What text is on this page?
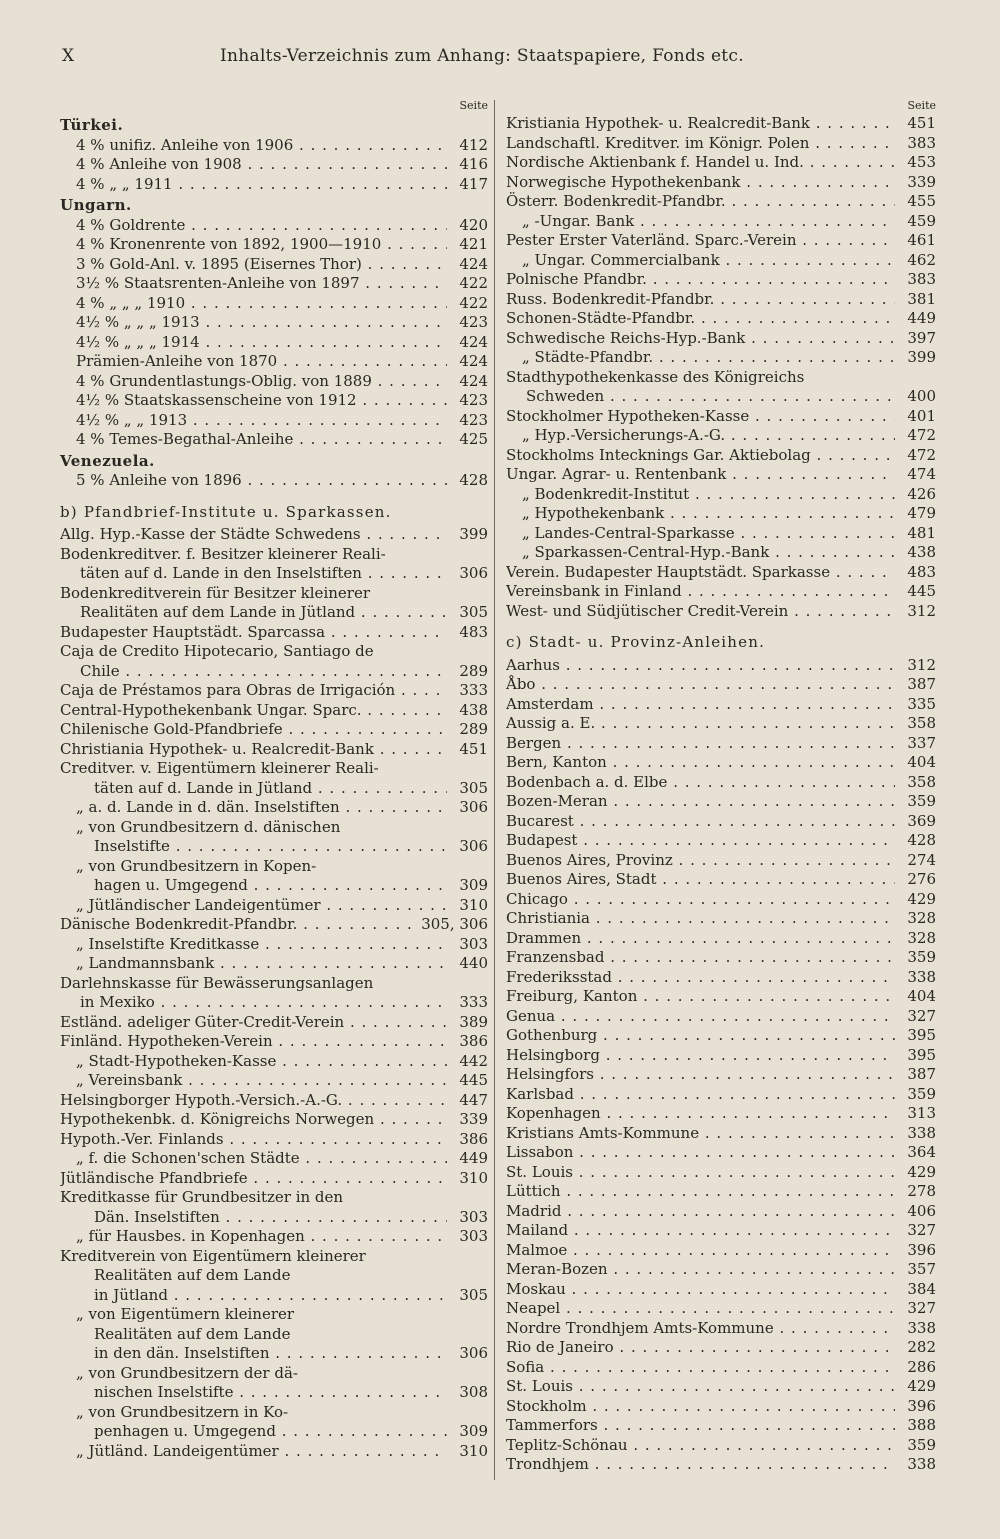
X	Inhalts-Verzeichnis zum Anhang: Staatspapiere, Fonds etc.
Seite
Türkei.
4 % unifiz. Anleihe von 1906 . . .	412
4 % Anleihe von 1908 . . .	416
4 % „ „ 1911 . . .	417
Ungarn.
4 % Goldrente . . .	420
4 % Kronenrente von 1892, 1900—1910 . . .	421
3 % Gold-Anl. v. 1895 (Eisernes Thor) . . .	424
3½ % Staatsrenten-Anleihe von 1897 . . .	422
4 % „ „ „ 1910 . . .	422
4½ % „ „ „ 1913 . . .	423
4½ % „ „ „ 1914 . . .	424
Prämien-Anleihe von 1870 . . .	424
4 % Grundentlastungs-Oblig. von 1889 . . .	424
4½ % Staatskassenscheine von 1912 . . .	423
4½ % „ „ 1913 . . .	423
4 % Temes-Begathal-Anleihe . . .	425
Venezuela.
5 % Anleihe von 1896 . . .	428
b) Pfandbrief-Institute u. Sparkassen.
Allg. Hyp.-Kasse der Städte Schwedens . . .	399
Bodenkreditver. f. Besitzer kleinerer Reali-
täten auf d. Lande in den Inselstiften . . .	306
Bodenkreditverein für Besitzer kleinerer
Realitäten auf dem Lande in Jütland . . .	305
Budapester Hauptstädt. Sparcassa . . .	483
Caja de Credito Hipotecario, Santiago de
Chile . . .	289
Caja de Préstamos para Obras de Irrigación . . .	333
Central-Hypothekenbank Ungar. Sparc. . . .	438
Chilenische Gold-Pfandbriefe . . .	289
Christiania Hypothek- u. Realcredit-Bank . . .	451
Creditver. v. Eigentümern kleinerer Reali-
täten auf d. Lande in Jütland . . .	305
„ a. d. Lande in d. dän. Inselstiften . . .	306
„ von Grundbesitzern d. dänischen
Inselstifte . . .	306
„ von Grundbesitzern in Kopen-
hagen u. Umgegend . . .	309
„ Jütländischer Landeigentümer . . .	310
Dänische Bodenkredit-Pfandbr. . . .	305, 306
„ Inselstifte Kreditkasse . . .	303
„ Landmannsbank . . .	440
Darlehnskasse für Bewässerungsanlagen
in Mexiko . . .	333
Estländ. adeliger Güter-Credit-Verein . . .	389
Finländ. Hypotheken-Verein . . .	386
„ Stadt-Hypotheken-Kasse . . .	442
„ Vereinsbank . . .	445
Helsingborger Hypoth.-Versich.-A.-G. . . .	447
Hypothekenbk. d. Königreichs Norwegen . . .	339
Hypoth.-Ver. Finlands . . .	386
„ f. die Schonen'schen Städte . . .	449
Jütländische Pfandbriefe . . .	310
Kreditkasse für Grundbesitzer in den
Dän. Inselstiften . . .	303
„ für Hausbes. in Kopenhagen . . .	303
Kreditverein von Eigentümern kleinerer
Realitäten auf dem Lande
in Jütland . . .	305
„ von Eigentümern kleinerer
Realitäten auf dem Lande
in den dän. Inselstiften . . .	306
„ von Grundbesitzern der dä-
nischen Inselstifte . . .	308
„ von Grundbesitzern in Ko-
penhagen u. Umgegend . . .	309
„ Jütländ. Landeigentümer . . .	310
Seite
Kristiania Hypothek- u. Realcredit-Bank . . .	451
Landschaftl. Kreditver. im Königr. Polen . . .	383
Nordische Aktienbank f. Handel u. Ind. . . .	453
Norwegische Hypothekenbank . . .	339
Österr. Bodenkredit-Pfandbr. . . .	455
„ -Ungar. Bank . . .	459
Pester Erster Vaterländ. Sparc.-Verein . . .	461
„ Ungar. Commercialbank . . .	462
Polnische Pfandbr. . . .	383
Russ. Bodenkredit-Pfandbr. . . .	381
Schonen-Städte-Pfandbr. . . .	449
Schwedische Reichs-Hyp.-Bank . . .	397
„ Städte-Pfandbr. . . .	399
Stadthypothekenkasse des Königreichs
Schweden . . .	400
Stockholmer Hypotheken-Kasse . . .	401
„ Hyp.-Versicherungs-A.-G. . . .	472
Stockholms Intecknings Gar. Aktiebolag . . .	472
Ungar. Agrar- u. Rentenbank . . .	474
„ Bodenkredit-Institut . . .	426
„ Hypothekenbank . . .	479
„ Landes-Central-Sparkasse . . .	481
„ Sparkassen-Central-Hyp.-Bank . . .	438
Verein. Budapester Hauptstädt. Sparkasse . . .	483
Vereinsbank in Finland . . .	445
West- und Südjütischer Credit-Verein . . .	312
c) Stadt- u. Provinz-Anleihen.
Aarhus . . .	312
Åbo . . .	387
Amsterdam . . .	335
Aussig a. E. . . .	358
Bergen . . .	337
Bern, Kanton . . .	404
Bodenbach a. d. Elbe . . .	358
Bozen-Meran . . .	359
Bucarest . . .	369
Budapest . . .	428
Buenos Aires, Provinz . . .	274
Buenos Aires, Stadt . . .	276
Chicago . . .	429
Christiania . . .	328
Drammen . . .	328
Franzensbad . . .	359
Frederiksstad . . .	338
Freiburg, Kanton . . .	404
Genua . . .	327
Gothenburg . . .	395
Helsingborg . . .	395
Helsingfors . . .	387
Karlsbad . . .	359
Kopenhagen . . .	313
Kristians Amts-Kommune . . .	338
Lissabon . . .	364
St. Louis . . .	429
Lüttich . . .	278
Madrid . . .	406
Mailand . . .	327
Malmoe . . .	396
Meran-Bozen . . .	357
Moskau . . .	384
Neapel . . .	327
Nordre Trondhjem Amts-Kommune . . .	338
Rio de Janeiro . . .	282
Sofia . . .	286
St. Louis . . .	429
Stockholm . . .	396
Tammerfors . . .	388
Teplitz-Schönau . . .	359
Trondhjem . . .	338
